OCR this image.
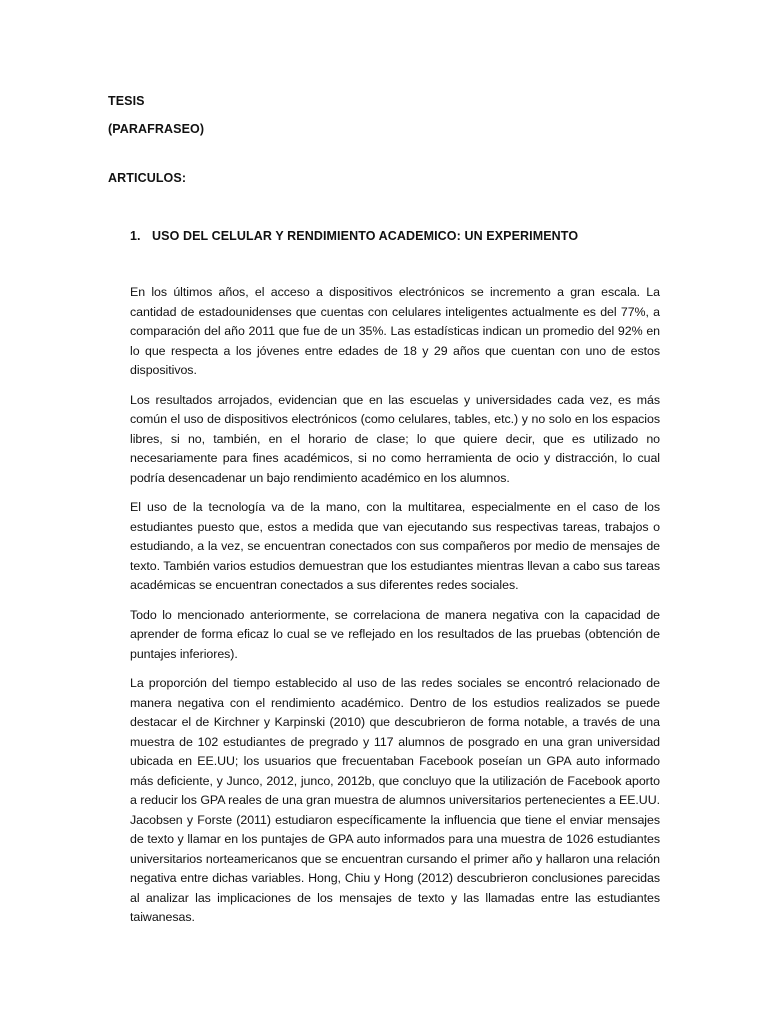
TESIS
(PARAFRASEO)
ARTICULOS:
1. USO DEL CELULAR Y RENDIMIENTO ACADEMICO: UN EXPERIMENTO

En los últimos años, el acceso a dispositivos electrónicos se incremento a gran escala. La cantidad de estadounidenses que cuentas con celulares inteligentes actualmente es del 77%, a comparación del año 2011 que fue de un 35%. Las estadísticas indican un promedio del 92% en lo que respecta a los jóvenes entre edades de 18 y 29 años que cuentan con uno de estos dispositivos.

Los resultados arrojados, evidencian que en las escuelas y universidades cada vez, es más común el uso de dispositivos electrónicos (como celulares, tables, etc.) y no solo en los espacios libres, si no, también, en el horario de clase; lo que quiere decir, que es utilizado no necesariamente para fines académicos, si no como herramienta de ocio y distracción, lo cual podría desencadenar un bajo rendimiento académico en los alumnos.

El uso de la tecnología va de la mano, con la multitarea, especialmente en el caso de los estudiantes puesto que, estos a medida que van ejecutando sus respectivas tareas, trabajos o estudiando, a la vez, se encuentran conectados con sus compañeros por medio de mensajes de texto. También varios estudios demuestran que los estudiantes mientras llevan a cabo sus tareas académicas se encuentran conectados a sus diferentes redes sociales.

Todo lo mencionado anteriormente, se correlaciona de manera negativa con la capacidad de aprender de forma eficaz lo cual se ve reflejado en los resultados de las pruebas (obtención de puntajes inferiores).

La proporción del tiempo establecido al uso de las redes sociales se encontró relacionado de manera negativa con el rendimiento académico. Dentro de los estudios realizados se puede destacar el de Kirchner y Karpinski (2010) que descubrieron de forma notable, a través de una muestra de 102 estudiantes de pregrado y 117 alumnos de posgrado en una gran universidad ubicada en EE.UU; los usuarios que frecuentaban Facebook poseían un GPA auto informado más deficiente, y Junco, 2012, junco, 2012b, que concluyo que la utilización de Facebook aporto a reducir los GPA reales de una gran muestra de alumnos universitarios pertenecientes a EE.UU. Jacobsen y Forste (2011) estudiaron específicamente la influencia que tiene el enviar mensajes de texto y llamar en los puntajes de GPA auto informados para una muestra de 1026 estudiantes universitarios norteamericanos que se encuentran cursando el primer año y hallaron una relación negativa entre dichas variables. Hong, Chiu y Hong (2012) descubrieron conclusiones parecidas al analizar las implicaciones de los mensajes de texto y las llamadas entre las estudiantes taiwanesas.
